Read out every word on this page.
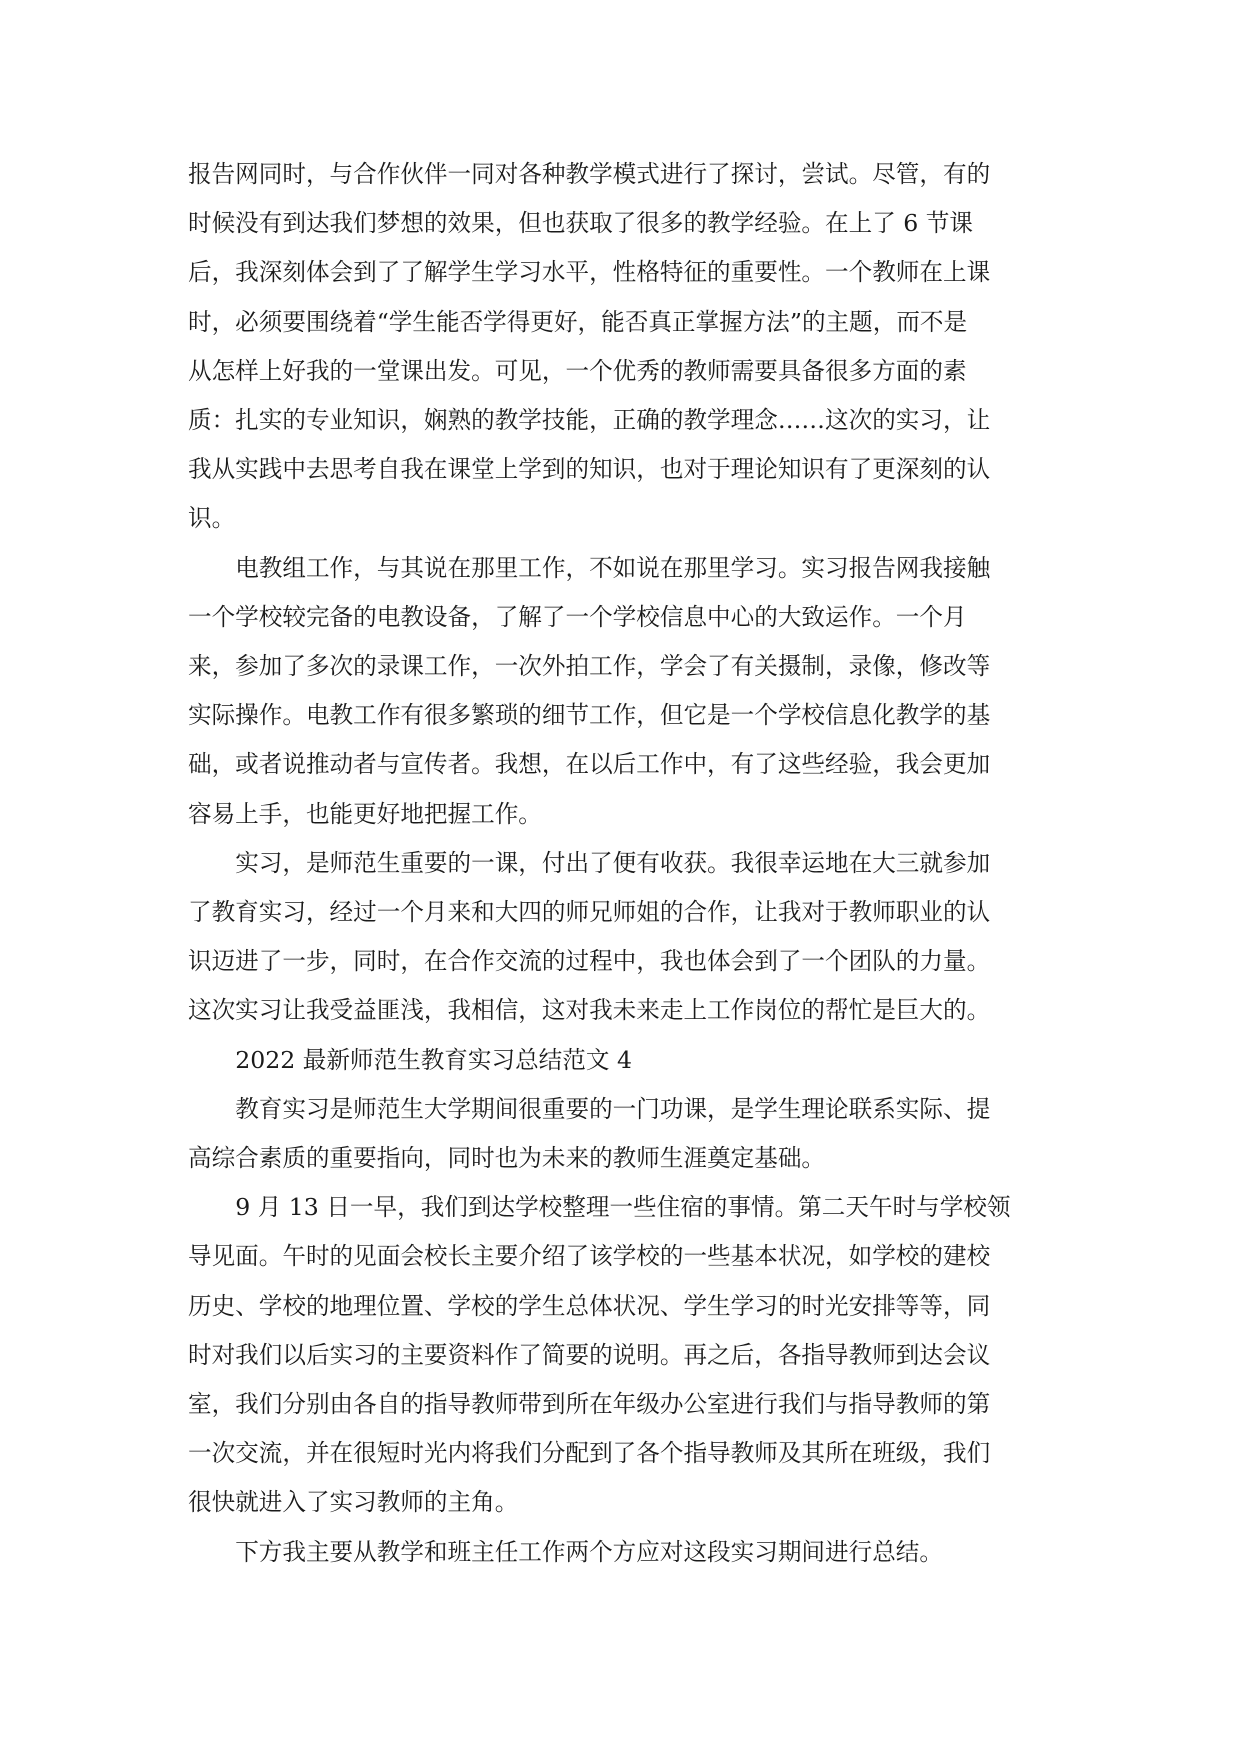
报告网同时，与合作伙伴一同对各种教学模式进行了探讨，尝试。尽管，有的
时候没有到达我们梦想的效果，但也获取了很多的教学经验。在上了 6 节课
后，我深刻体会到了了解学生学习水平，性格特征的重要性。一个教师在上课
时，必须要围绕着“学生能否学得更好，能否真正掌握方法”的主题，而不是
从怎样上好我的一堂课出发。可见，一个优秀的教师需要具备很多方面的素
质：扎实的专业知识，娴熟的教学技能，正确的教学理念……这次的实习，让
我从实践中去思考自我在课堂上学到的知识，也对于理论知识有了更深刻的认
识。

电教组工作，与其说在那里工作，不如说在那里学习。实习报告网我接触
一个学校较完备的电教设备，了解了一个学校信息中心的大致运作。一个月
来，参加了多次的录课工作，一次外拍工作，学会了有关摄制，录像，修改等
实际操作。电教工作有很多繁琐的细节工作，但它是一个学校信息化教学的基
础，或者说推动者与宣传者。我想，在以后工作中，有了这些经验，我会更加
容易上手，也能更好地把握工作。

实习，是师范生重要的一课，付出了便有收获。我很幸运地在大三就参加
了教育实习，经过一个月来和大四的师兄师姐的合作，让我对于教师职业的认
识迈进了一步，同时，在合作交流的过程中，我也体会到了一个团队的力量。
这次实习让我受益匪浅，我相信，这对我未来走上工作岗位的帮忙是巨大的。

2022 最新师范生教育实习总结范文 4

教育实习是师范生大学期间很重要的一门功课，是学生理论联系实际、提
高综合素质的重要指向，同时也为未来的教师生涯奠定基础。

9 月 13 日一早，我们到达学校整理一些住宿的事情。第二天午时与学校领
导见面。午时的见面会校长主要介绍了该学校的一些基本状况，如学校的建校
历史、学校的地理位置、学校的学生总体状况、学生学习的时光安排等等，同
时对我们以后实习的主要资料作了简要的说明。再之后，各指导教师到达会议
室，我们分别由各自的指导教师带到所在年级办公室进行我们与指导教师的第
一次交流，并在很短时光内将我们分配到了各个指导教师及其所在班级，我们
很快就进入了实习教师的主角。

下方我主要从教学和班主任工作两个方应对这段实习期间进行总结。
